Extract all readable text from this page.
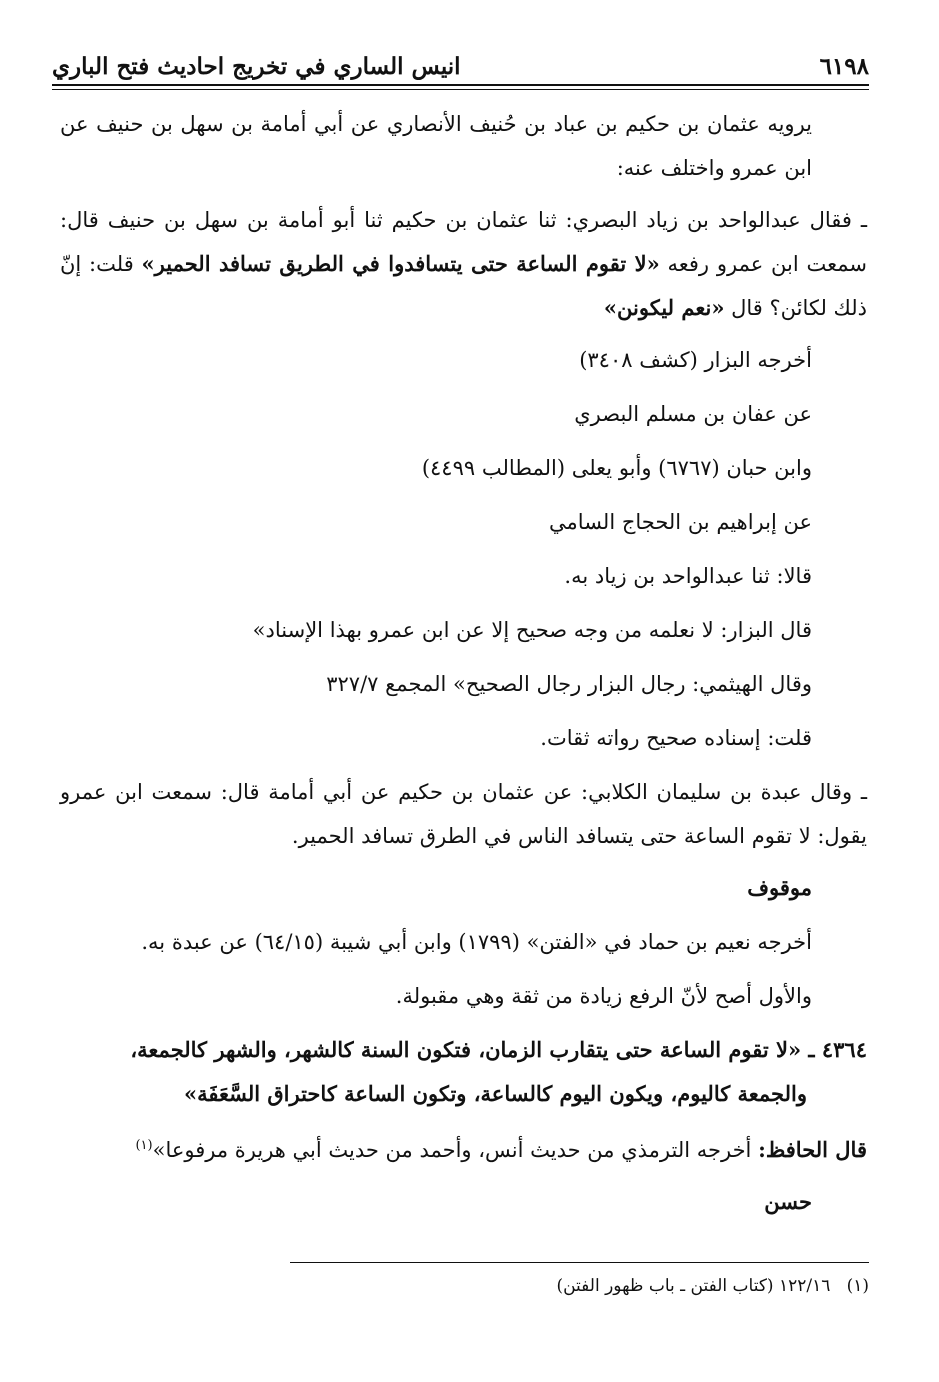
٦١٩٨
انيس الساري في تخريج احاديث فتح الباري

يرويه عثمان بن حكيم بن عباد بن حُنيف الأنصاري عن أبي أمامة بن سهل بن حنيف عن ابن عمرو واختلف عنه:

ـ فقال عبدالواحد بن زياد البصري: ثنا عثمان بن حكيم ثنا أبو أمامة بن سهل بن حنيف قال: سمعت ابن عمرو رفعه «لا تقوم الساعة حتى يتسافدوا في الطريق تسافد الحمير» قلت: إنّ ذلك لكائن؟ قال «نعم ليكونن»

أخرجه البزار (كشف ٣٤٠٨)

عن عفان بن مسلم البصري

وابن حبان (٦٧٦٧) وأبو يعلى (المطالب ٤٤٩٩)

عن إبراهيم بن الحجاج السامي

قالا: ثنا عبدالواحد بن زياد به.

قال البزار: لا نعلمه من وجه صحيح إلا عن ابن عمرو بهذا الإسناد»

وقال الهيثمي: رجال البزار رجال الصحيح» المجمع ٣٢٧/٧

قلت: إسناده صحيح رواته ثقات.

ـ وقال عبدة بن سليمان الكلابي: عن عثمان بن حكيم عن أبي أمامة قال: سمعت ابن عمرو يقول: لا تقوم الساعة حتى يتسافد الناس في الطرق تسافد الحمير.

موقوف

أخرجه نعيم بن حماد في «الفتن» (١٧٩٩) وابن أبي شيبة (٦٤/١٥) عن عبدة به.

والأول أصح لأنّ الرفع زيادة من ثقة وهي مقبولة.

٤٣٦٤ ـ «لا تقوم الساعة حتى يتقارب الزمان، فتكون السنة كالشهر، والشهر كالجمعة،
والجمعة كاليوم، ويكون اليوم كالساعة، وتكون الساعة كاحتراق السَّعَفَة»

قال الحافظ: أخرجه الترمذي من حديث أنس، وأحمد من حديث أبي هريرة مرفوعا»$^{(١)}$

حسن

(١)   ١٢٢/١٦ (كتاب الفتن ـ باب ظهور الفتن)
